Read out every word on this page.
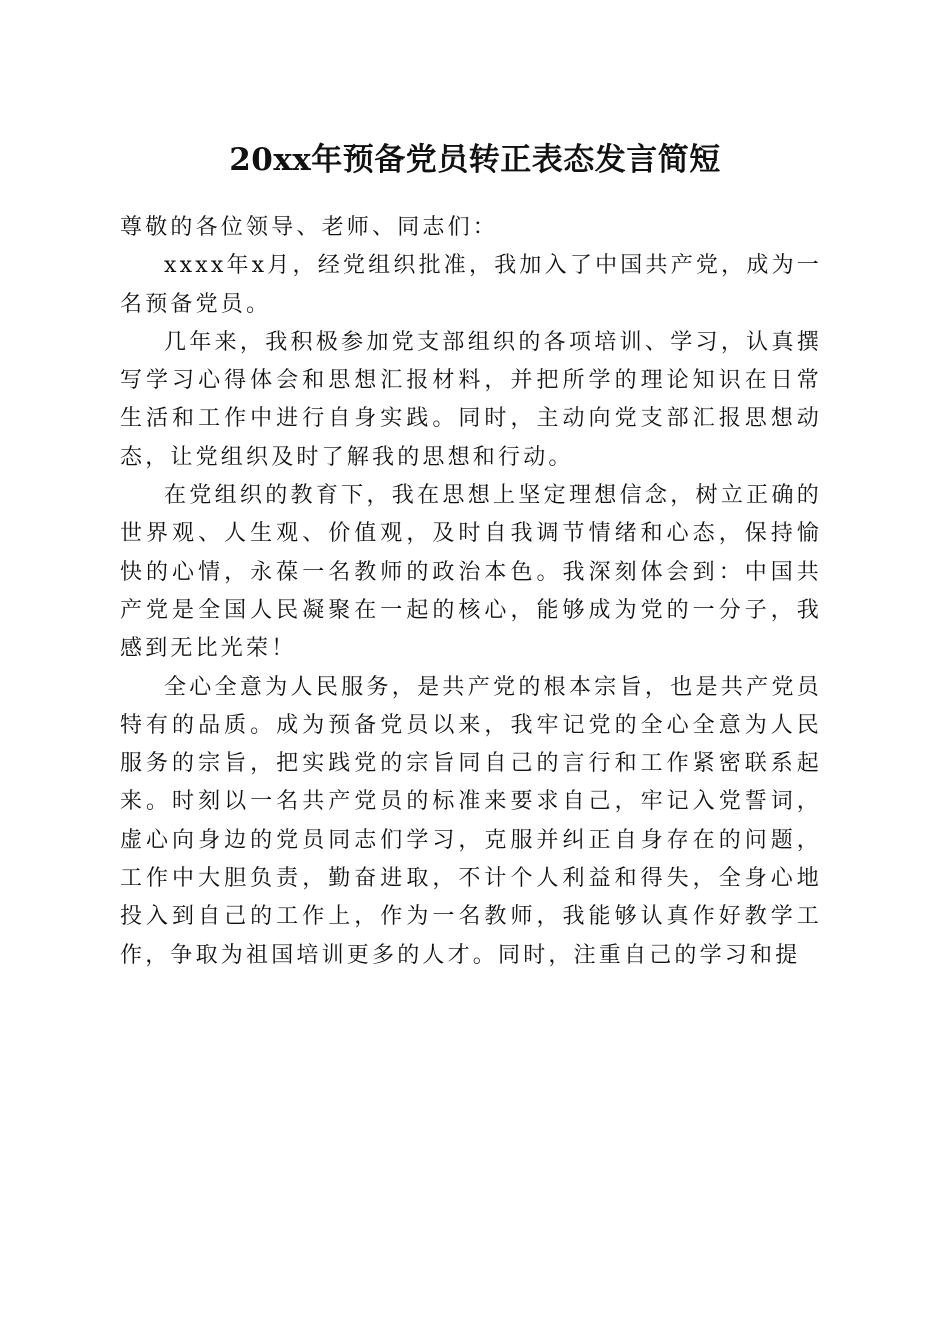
20xx年预备党员转正表态发言简短

尊敬的各位领导、老师、同志们：

xxxx年x月，经党组织批准，我加入了中国共产党，成为一名预备党员。

几年来，我积极参加党支部组织的各项培训、学习，认真撰写学习心得体会和思想汇报材料，并把所学的理论知识在日常生活和工作中进行自身实践。同时，主动向党支部汇报思想动态，让党组织及时了解我的思想和行动。

在党组织的教育下，我在思想上坚定理想信念，树立正确的世界观、人生观、价值观，及时自我调节情绪和心态，保持愉快的心情，永葆一名教师的政治本色。我深刻体会到：中国共产党是全国人民凝聚在一起的核心，能够成为党的一分子，我感到无比光荣！

全心全意为人民服务，是共产党的根本宗旨，也是共产党员特有的品质。成为预备党员以来，我牢记党的全心全意为人民服务的宗旨，把实践党的宗旨同自己的言行和工作紧密联系起来。时刻以一名共产党员的标准来要求自己，牢记入党誓词，虚心向身边的党员同志们学习，克服并纠正自身存在的问题，工作中大胆负责，勤奋进取，不计个人利益和得失，全身心地投入到自己的工作上，作为一名教师，我能够认真作好教学工作，争取为祖国培训更多的人才。同时，注重自己的学习和提
